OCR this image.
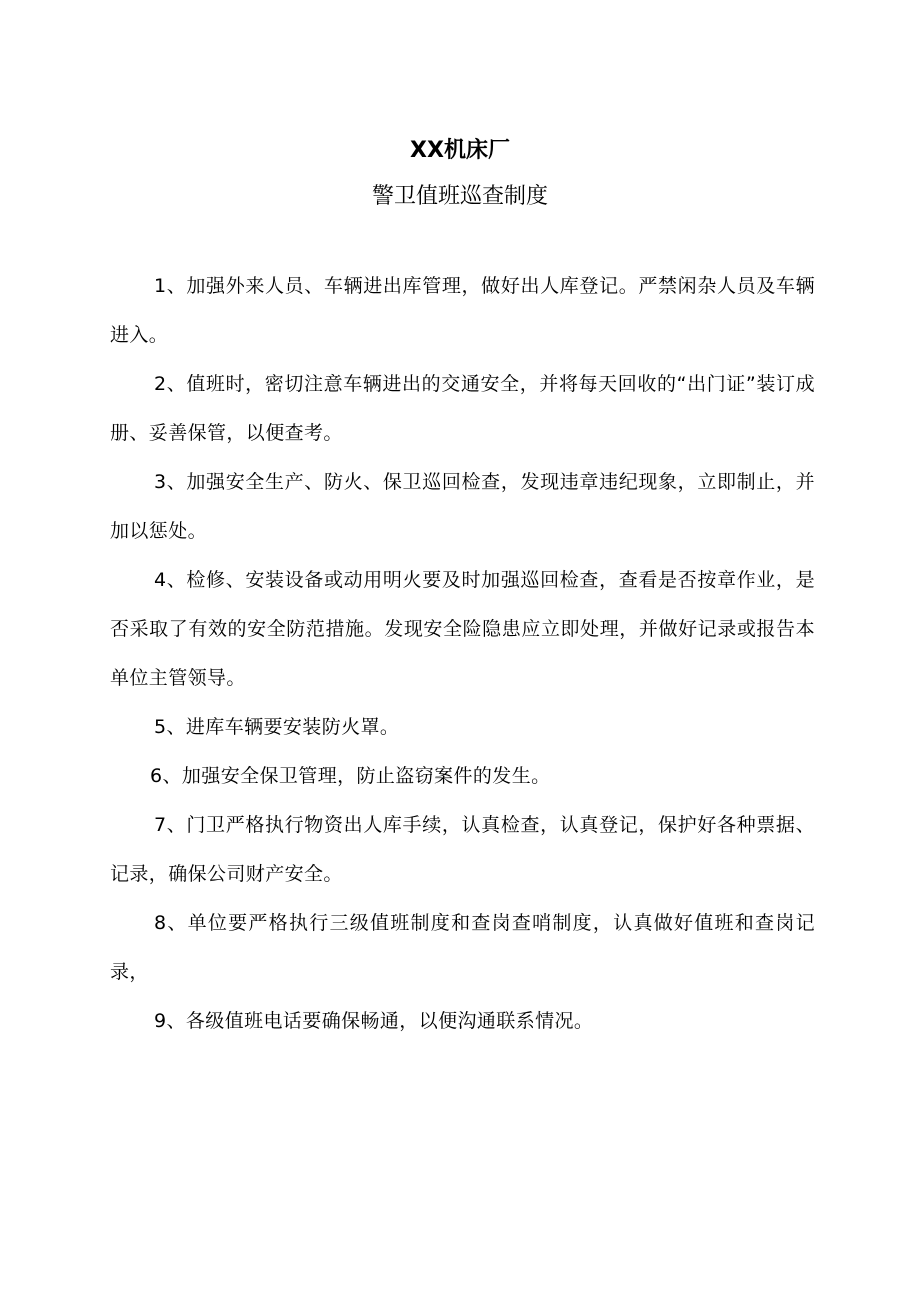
XX机床厂
警卫值班巡查制度

1、加强外来人员、车辆进出库管理，做好出人库登记。严禁闲杂人员及车辆进入。

2、值班时，密切注意车辆进出的交通安全，并将每天回收的“出门证”装订成册、妥善保管，以便查考。

3、加强安全生产、防火、保卫巡回检查，发现违章违纪现象，立即制止，并加以惩处。

4、检修、安装设备或动用明火要及时加强巡回检查，查看是否按章作业，是否采取了有效的安全防范措施。发现安全险隐患应立即处理，并做好记录或报告本单位主管领导。

5、进库车辆要安装防火罩。

6、加强安全保卫管理，防止盗窃案件的发生。

7、门卫严格执行物资出人库手续，认真检查，认真登记，保护好各种票据、记录，确保公司财产安全。

8、单位要严格执行三级值班制度和查岗查哨制度，认真做好值班和查岗记录，

9、各级值班电话要确保畅通，以便沟通联系情况。
